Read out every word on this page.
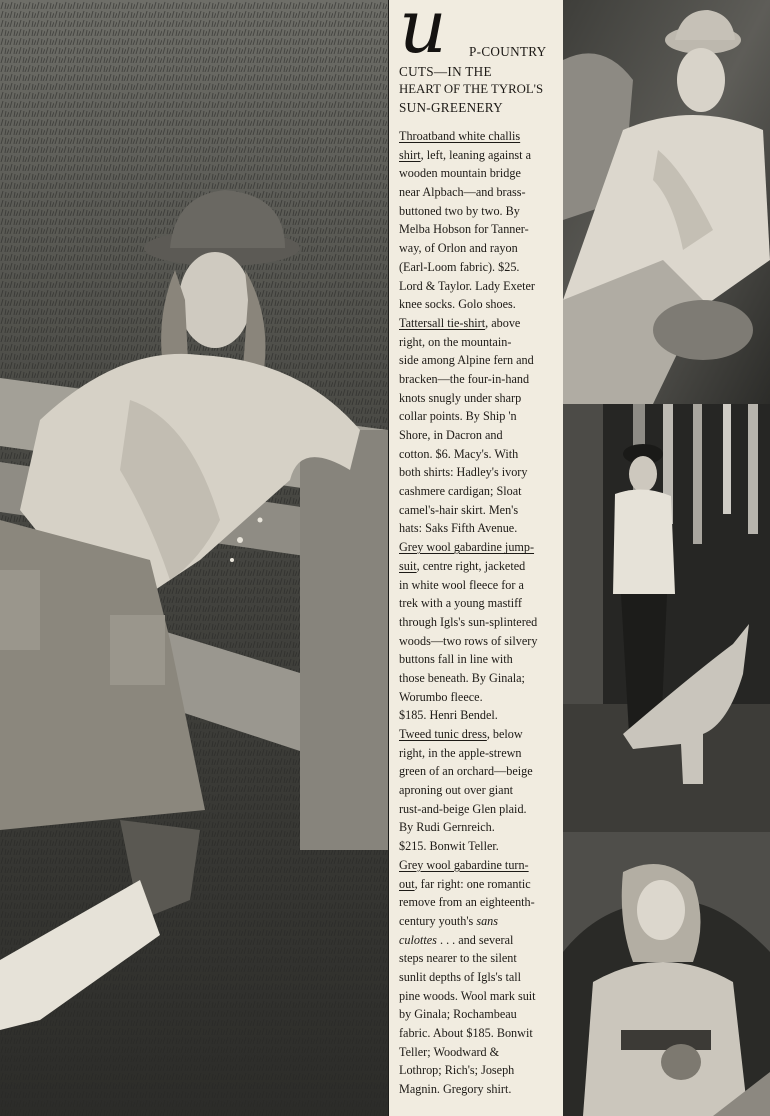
u P-COUNTRY
CUTS—IN THE
HEART OF THE TYROL'S
SUN-GREENERY
Throatband white challis
shirt, left, leaning against a
wooden mountain bridge
near Alpbach—and brass-
buttoned two by two. By
Melba Hobson for Tanner-
way, of Orlon and rayon
(Earl-Loom fabric). $25.
Lord & Taylor. Lady Exeter
knee socks. Golo shoes.
Tattersall tie-shirt, above
right, on the mountain-
side among Alpine fern and
bracken—the four-in-hand
knots snugly under sharp
collar points. By Ship 'n
Shore, in Dacron and
cotton. $6. Macy's. With
both shirts: Hadley's ivory
cashmere cardigan; Sloat
camel's-hair skirt. Men's
hats: Saks Fifth Avenue.
Grey wool gabardine jump-
suit, centre right, jacketed
in white wool fleece for a
trek with a young mastiff
through Igls's sun-splintered
woods—two rows of silvery
buttons fall in line with
those beneath. By Ginala;
Worumbo fleece.
$185. Henri Bendel.
Tweed tunic dress, below
right, in the apple-strewn
green of an orchard—beige
aproning out over giant
rust-and-beige Glen plaid.
By Rudi Gernreich.
$215. Bonwit Teller.
Grey wool gabardine turn-
out, far right: one romantic
remove from an eighteenth-
century youth's sans
culottes . . . and several
steps nearer to the silent
sunlit depths of Igls's tall
pine woods. Wool mark suit
by Ginala; Rochambeau
fabric. About $185. Bonwit
Teller; Woodward &
Lothrop; Rich's; Joseph
Magnin. Gregory shirt.
